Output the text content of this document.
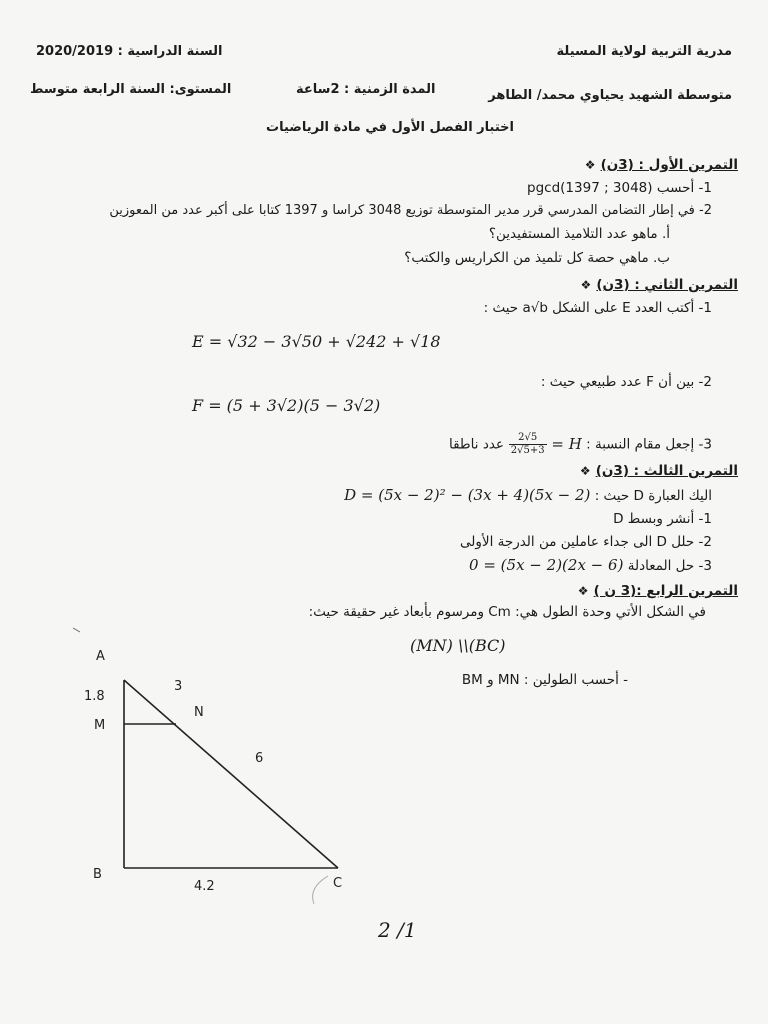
مدرية التربية لولاية المسيلة
متوسطة الشهيد يحياوي محمد/ الطاهر
السنة الدراسية : 2020/2019
المدة الزمنية : 2ساعة
المستوى: السنة الرابعة متوسط
اختبار الفصل الأول في مادة الرياضيات
التمرين الأول : (3ن) ❖
1- أحسب pgcd(1397 ; 3048)
2- في إطار التضامن المدرسي قرر مدير المتوسطة توزيع 3048 كراسا و 1397 كتابا على أكبر عدد من المعوزين
أ. ماهو عدد التلاميذ المستفيدين؟
ب. ماهي حصة كل تلميذ من الكراريس والكتب؟
التمرين الثاني : (3ن) ❖
1- أكتب العدد E على الشكل a√b حيث :
E = √32 − 3√50 + √242 + √18
2- بين أن F عدد طبيعي حيث :
F = (5 + 3√2)(5 − 3√2)
3- إجعل مقام النسبة : H =
$\frac{5√2}{5+3√2}$
عدد ناطقا
التمرين الثالث : (3ن) ❖
اليك العبارة D حيث : D = (5x − 2)² − (3x + 4)(5x − 2)
1- أنشر وبسط D
2- حلل D الى جداء عاملين من الدرجة الأولى
3- حل المعادلة (2x − 6)(5x − 2) = 0
التمرين الرابع :(3 ن ) ❖
في الشكل الأتي وحدة الطول هي: Cm ومرسوم بأبعاد غير حقيقة حيث:
(MN) \\(BC)
- أحسب الطولين : MN و BM
A
B
C
M
N
1.8
3
6
4.2
2 /1
